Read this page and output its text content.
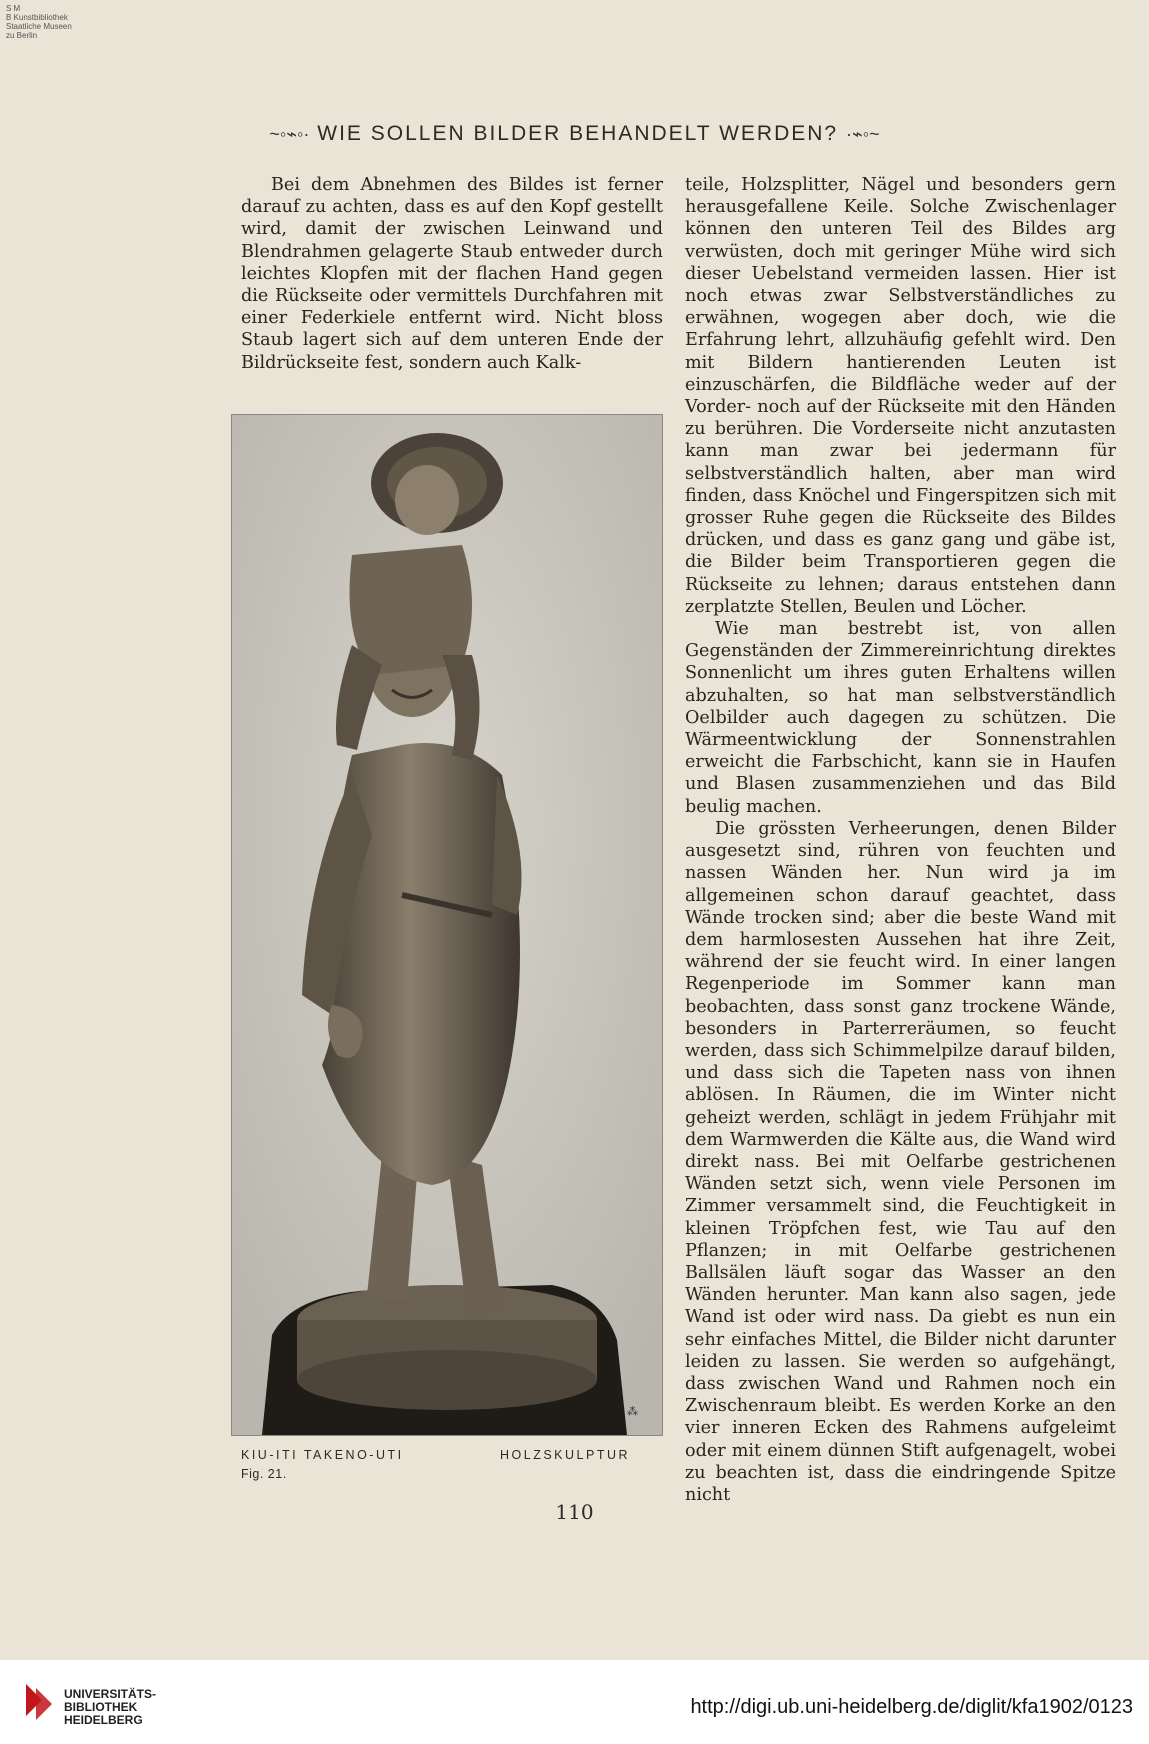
S M
B Kunstbibliothek
Staatliche Museen
zu Berlin
~◦⌁◦· WIE SOLLEN BILDER BEHANDELT WERDEN? ·⌁◦~

Bei dem Abnehmen des Bildes ist ferner darauf zu achten, dass es auf den Kopf gestellt wird, damit der zwischen Leinwand und Blendrahmen gelagerte Staub entweder durch leichtes Klopfen mit der flachen Hand gegen die Rückseite oder vermittels Durchfahren mit einer Federkiele entfernt wird. Nicht bloss Staub lagert sich auf dem unteren Ende der Bildrückseite fest, sondern auch Kalk-

⁂
KIU-ITI TAKENO-UTI	HOLZSKULPTUR
Fig. 21.

teile, Holzsplitter, Nägel und besonders gern herausgefallene Keile. Solche Zwischenlager können den unteren Teil des Bildes arg verwüsten, doch mit geringer Mühe wird sich dieser Uebelstand vermeiden lassen. Hier ist noch etwas zwar Selbstverständliches zu erwähnen, wogegen aber doch, wie die Erfahrung lehrt, allzuhäufig gefehlt wird. Den mit Bildern hantierenden Leuten ist einzuschärfen, die Bildfläche weder auf der Vorder- noch auf der Rückseite mit den Händen zu berühren. Die Vorderseite nicht anzutasten kann man zwar bei jedermann für selbstverständlich halten, aber man wird finden, dass Knöchel und Fingerspitzen sich mit grosser Ruhe gegen die Rückseite des Bildes drücken, und dass es ganz gang und gäbe ist, die Bilder beim Transportieren gegen die Rückseite zu lehnen; daraus entstehen dann zerplatzte Stellen, Beulen und Löcher.

Wie man bestrebt ist, von allen Gegenständen der Zimmereinrichtung direktes Sonnenlicht um ihres guten Erhaltens willen abzuhalten, so hat man selbstverständlich Oelbilder auch dagegen zu schützen. Die Wärmeentwicklung der Sonnenstrahlen erweicht die Farbschicht, kann sie in Haufen und Blasen zusammenziehen und das Bild beulig machen.

Die grössten Verheerungen, denen Bilder ausgesetzt sind, rühren von feuchten und nassen Wänden her. Nun wird ja im allgemeinen schon darauf geachtet, dass Wände trocken sind; aber die beste Wand mit dem harmlosesten Aussehen hat ihre Zeit, während der sie feucht wird. In einer langen Regenperiode im Sommer kann man beobachten, dass sonst ganz trockene Wände, besonders in Parterreräumen, so feucht werden, dass sich Schimmelpilze darauf bilden, und dass sich die Tapeten nass von ihnen ablösen. In Räumen, die im Winter nicht geheizt werden, schlägt in jedem Frühjahr mit dem Warmwerden die Kälte aus, die Wand wird direkt nass. Bei mit Oelfarbe gestrichenen Wänden setzt sich, wenn viele Personen im Zimmer versammelt sind, die Feuchtigkeit in kleinen Tröpfchen fest, wie Tau auf den Pflanzen; in mit Oelfarbe gestrichenen Ballsälen läuft sogar das Wasser an den Wänden herunter. Man kann also sagen, jede Wand ist oder wird nass. Da giebt es nun ein sehr einfaches Mittel, die Bilder nicht darunter leiden zu lassen. Sie werden so aufgehängt, dass zwischen Wand und Rahmen noch ein Zwischenraum bleibt. Es werden Korke an den vier inneren Ecken des Rahmens aufgeleimt oder mit einem dünnen Stift aufgenagelt, wobei zu beachten ist, dass die eindringende Spitze nicht

110
UNIVERSITÄTS-
BIBLIOTHEK
HEIDELBERG
http://digi.ub.uni-heidelberg.de/diglit/kfa1902/0123
